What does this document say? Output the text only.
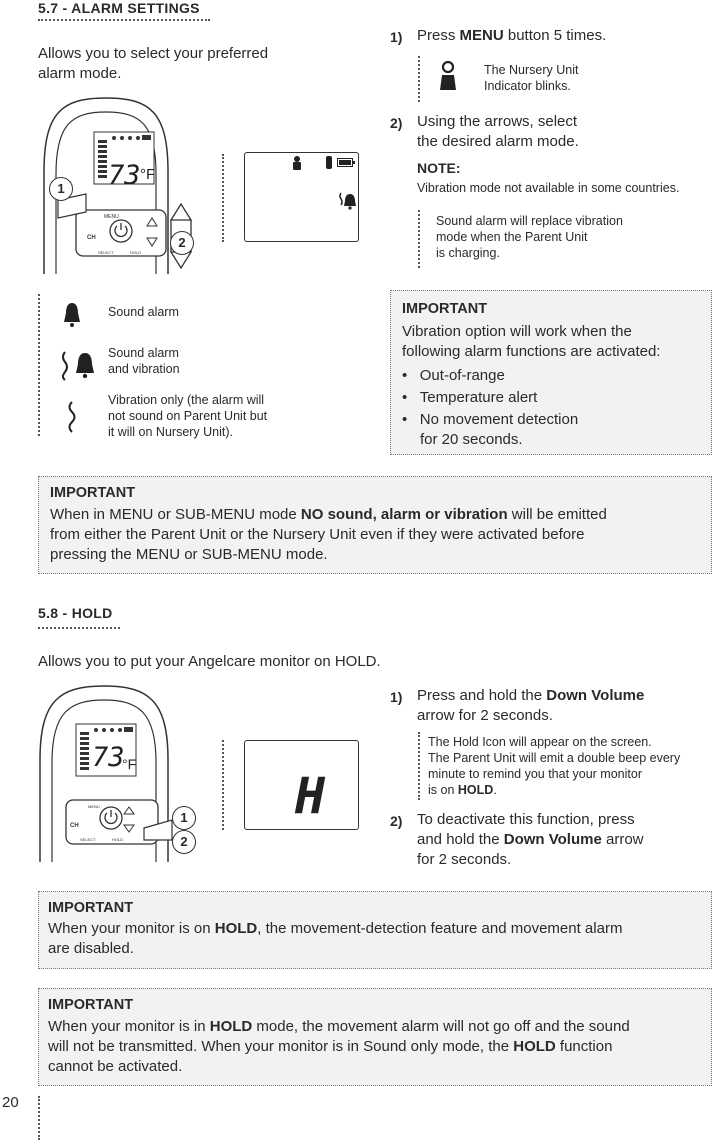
5.7 - ALARM SETTINGS
Allows you to select your preferred
alarm mode.
73 °F
MENU
CH
SELECT	HOLD
1
2
1) Press MENU button 5 times.
The Nursery Unit
Indicator blinks.
2) Using the arrows, select
the desired alarm mode.
NOTE:
Vibration mode not available in some countries.
Sound alarm will replace vibration
mode when the Parent Unit
is charging.
Sound alarm
Sound alarm
and vibration
Vibration only (the alarm will
not sound on Parent Unit but
it will on Nursery Unit).
IMPORTANT
Vibration option will work when the
following alarm functions are activated:
•   Out-of-range
•   Temperature alert
•   No movement detection
for 20 seconds.
IMPORTANT
When in MENU or SUB-MENU mode NO sound, alarm or vibration will be emitted
from either the Parent Unit or the Nursery Unit even if they were activated before
pressing the MENU or SUB-MENU mode.
5.8 - HOLD
Allows you to put your Angelcare monitor on HOLD.
73
°F
MENU
CH
SELECT	HOLD
1
2
H
1) Press and hold the Down Volume
arrow for 2 seconds.
The Hold Icon will appear on the screen.
The Parent Unit will emit a double beep every
minute to remind you that your monitor
is on HOLD.
2) To deactivate this function, press
and hold the Down Volume arrow
for 2 seconds.
IMPORTANT
When your monitor is on HOLD, the movement-detection feature and movement alarm
are disabled.
IMPORTANT
When your monitor is in HOLD mode, the movement alarm will not go off and the sound
will not be transmitted. When your monitor is in Sound only mode, the HOLD function
cannot be activated.
20
